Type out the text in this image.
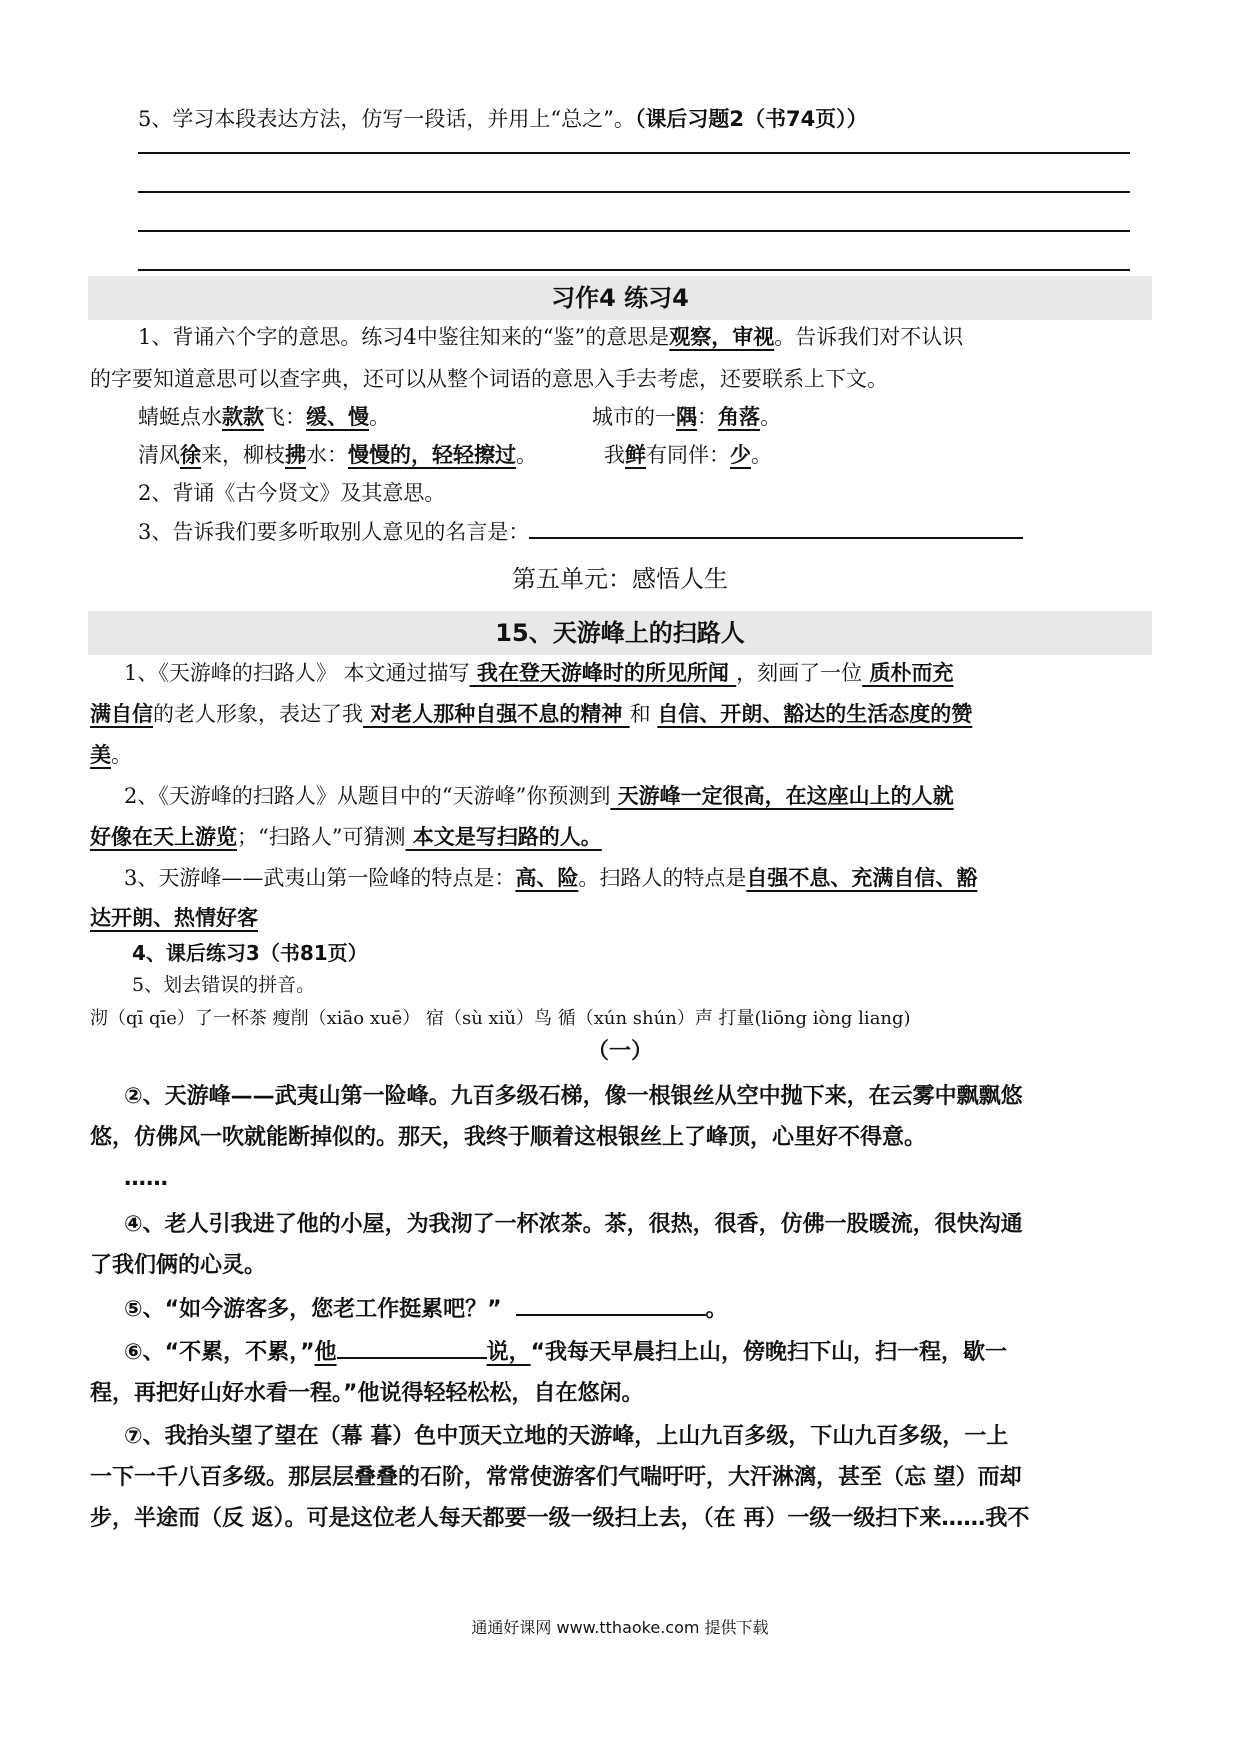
5、学习本段表达方法，仿写一段话，并用上“总之”。（课后习题2（书74页））
习作4 练习4
1、背诵六个字的意思。练习4中鉴往知来的“鉴”的意思是观察，审视。告诉我们对不认识
的字要知道意思可以查字典，还可以从整个词语的意思入手去考虑，还要联系上下文。
蜻蜓点水款款飞：缓、慢。	城市的一隅：角落。
清风徐来，柳枝拂水：慢慢的，轻轻擦过。	我鲜有同伴：少。
2、背诵《古今贤文》及其意思。
3、告诉我们要多听取别人意见的名言是：
第五单元：感悟人生
15、天游峰上的扫路人
1、《天游峰的扫路人》 本文通过描写 我在登天游峰时的所见所闻 ，刻画了一位 质朴而充
满自信的老人形象，表达了我 对老人那种自强不息的精神 和 自信、开朗、豁达的生活态度的赞
美。
2、《天游峰的扫路人》从题目中的“天游峰”你预测到 天游峰一定很高，在这座山上的人就
好像在天上游览；“扫路人”可猜测 本文是写扫路的人。
3、天游峰——武夷山第一险峰的特点是：高、险。扫路人的特点是自强不息、充满自信、豁
达开朗、热情好客
4、课后练习3（书81页）
5、划去错误的拼音。
沏（qī qīe）了一杯茶 瘦削（xiāo xuē） 宿（sù xiǔ）鸟 循（xún shún）声 打量(liōng iòng liang)
（一）
②、天游峰——武夷山第一险峰。九百多级石梯，像一根银丝从空中抛下来，在云雾中飘飘悠
悠，仿佛风一吹就能断掉似的。那天，我终于顺着这根银丝上了峰顶，心里好不得意。
……
④、老人引我进了他的小屋，为我沏了一杯浓茶。茶，很热，很香，仿佛一股暖流，很快沟通
了我们俩的心灵。
⑤、“如今游客多，您老工作挺累吧？”	。
⑥、“不累，不累，”他	说，“我每天早晨扫上山，傍晚扫下山，扫一程，歇一
程，再把好山好水看一程。”他说得轻轻松松，自在悠闲。
⑦、我抬头望了望在（幕 暮）色中顶天立地的天游峰，上山九百多级，下山九百多级，一上
一下一千八百多级。那层层叠叠的石阶，常常使游客们气喘吁吁，大汗淋漓，甚至（忘 望）而却
步，半途而（反 返）。可是这位老人每天都要一级一级扫上去，（在 再）一级一级扫下来……我不
通通好课网 www.tthaoke.com 提供下载
